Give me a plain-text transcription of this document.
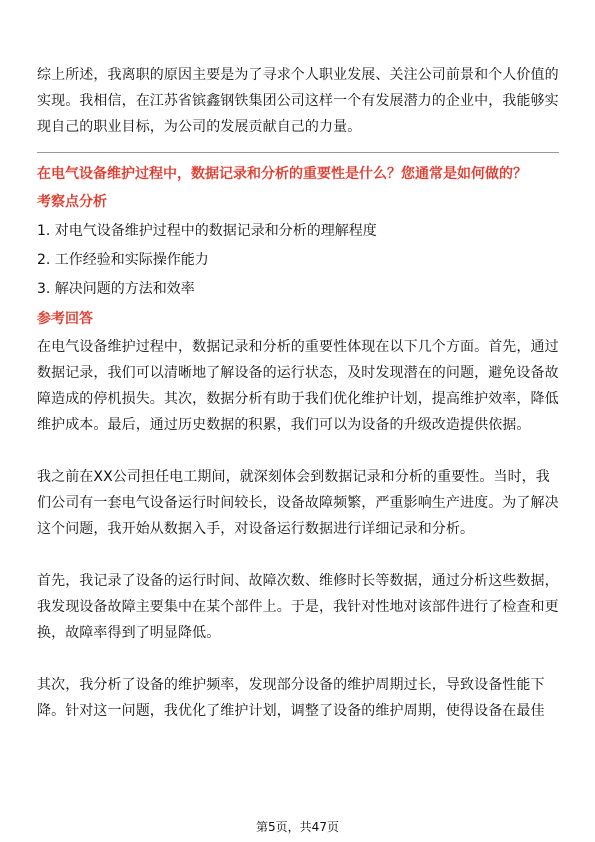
综上所述，我离职的原因主要是为了寻求个人职业发展、关注公司前景和个人价值的实现。我相信，在江苏省镔鑫钢铁集团公司这样一个有发展潜力的企业中，我能够实现自己的职业目标，为公司的发展贡献自己的力量。

在电气设备维护过程中，数据记录和分析的重要性是什么？您通常是如何做的？

考察点分析
1. 对电气设备维护过程中的数据记录和分析的理解程度
2. 工作经验和实际操作能力
3. 解决问题的方法和效率
参考回答

在电气设备维护过程中，数据记录和分析的重要性体现在以下几个方面。首先，通过数据记录，我们可以清晰地了解设备的运行状态，及时发现潜在的问题，避免设备故障造成的停机损失。其次，数据分析有助于我们优化维护计划，提高维护效率，降低维护成本。最后，通过历史数据的积累，我们可以为设备的升级改造提供依据。

我之前在XX公司担任电工期间，就深刻体会到数据记录和分析的重要性。当时，我们公司有一套电气设备运行时间较长，设备故障频繁，严重影响生产进度。为了解决这个问题，我开始从数据入手，对设备运行数据进行详细记录和分析。

首先，我记录了设备的运行时间、故障次数、维修时长等数据，通过分析这些数据，我发现设备故障主要集中在某个部件上。于是，我针对性地对该部件进行了检查和更换，故障率得到了明显降低。

其次，我分析了设备的维护频率，发现部分设备的维护周期过长，导致设备性能下降。针对这一问题，我优化了维护计划，调整了设备的维护周期，使得设备在最佳

第5页，共47页
